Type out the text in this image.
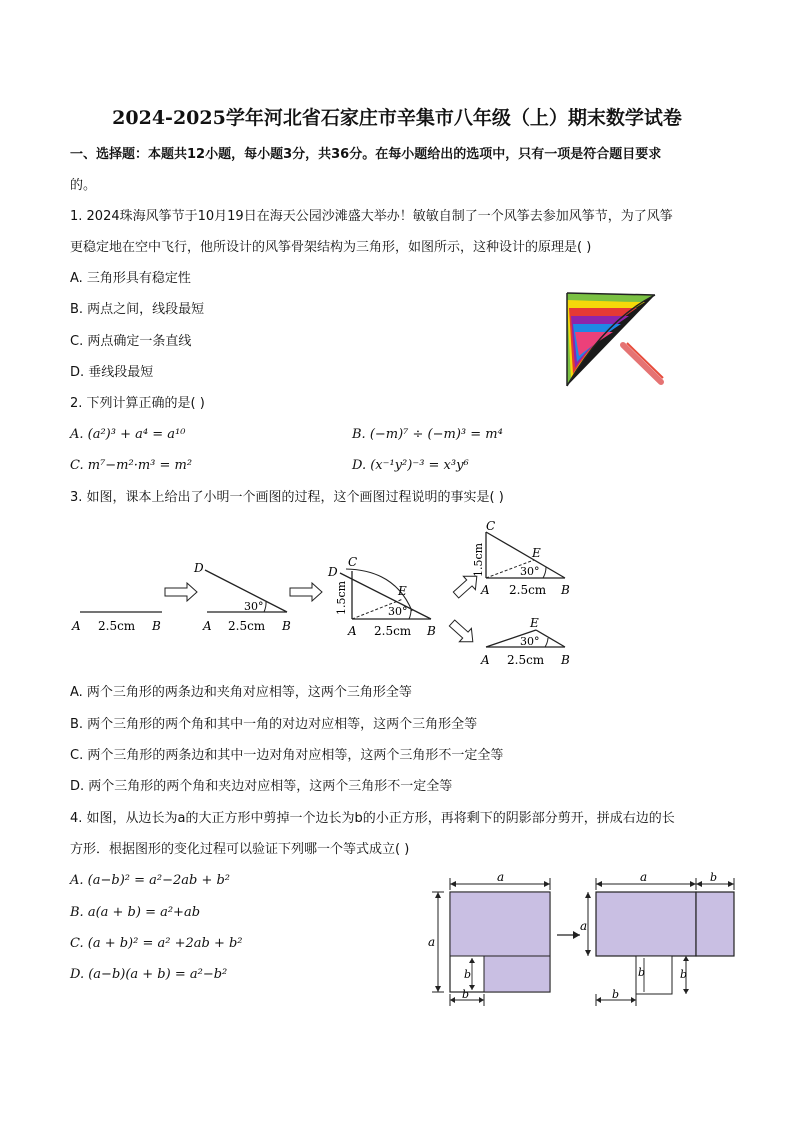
2024-2025学年河北省石家庄市辛集市八年级（上）期末数学试卷
一、选择题：本题共12小题，每小题3分，共36分。在每小题给出的选项中，只有一项是符合题目要求
的。
1. 2024珠海风筝节于10月19日在海天公园沙滩盛大举办！敏敏自制了一个风筝去参加风筝节，为了风筝
更稳定地在空中飞行，他所设计的风筝骨架结构为三角形，如图所示，这种设计的原理是( )
A. 三角形具有稳定性
B. 两点之间，线段最短
C. 两点确定一条直线
D. 垂线段最短
2. 下列计算正确的是( )
A. (a²)³ + a⁴ = a¹⁰	B. (−m)⁷ ÷ (−m)³ = m⁴
C. m⁷−m²·m³ = m²	D. (x⁻¹y²)⁻³ = x³y⁶
3. 如图，课本上给出了小明一个画图的过程，这个画图过程说明的事实是( )
A 2.5cm B
D
30°
A 2.5cm B
D
C
E
30°
1.5cm
A 2.5cm B
C
E
30°
1.5cm
A 2.5cm B
E
30°
A 2.5cm B
A. 两个三角形的两条边和夹角对应相等，这两个三角形全等
B. 两个三角形的两个角和其中一角的对边对应相等，这两个三角形全等
C. 两个三角形的两条边和其中一边对角对应相等，这两个三角形不一定全等
D. 两个三角形的两个角和夹边对应相等，这两个三角形不一定全等
4. 如图，从边长为a的大正方形中剪掉一个边长为b的小正方形，再将剩下的阴影部分剪开，拼成右边的长
方形．根据图形的变化过程可以验证下列哪一个等式成立( )
A. (a−b)² = a²−2ab + b²
B. a(a + b) = a²+ab
C. (a + b)² = a² +2ab + b²
D. (a−b)(a + b) = a²−b²
a
a
b
b
a	b
a
b	b
b
